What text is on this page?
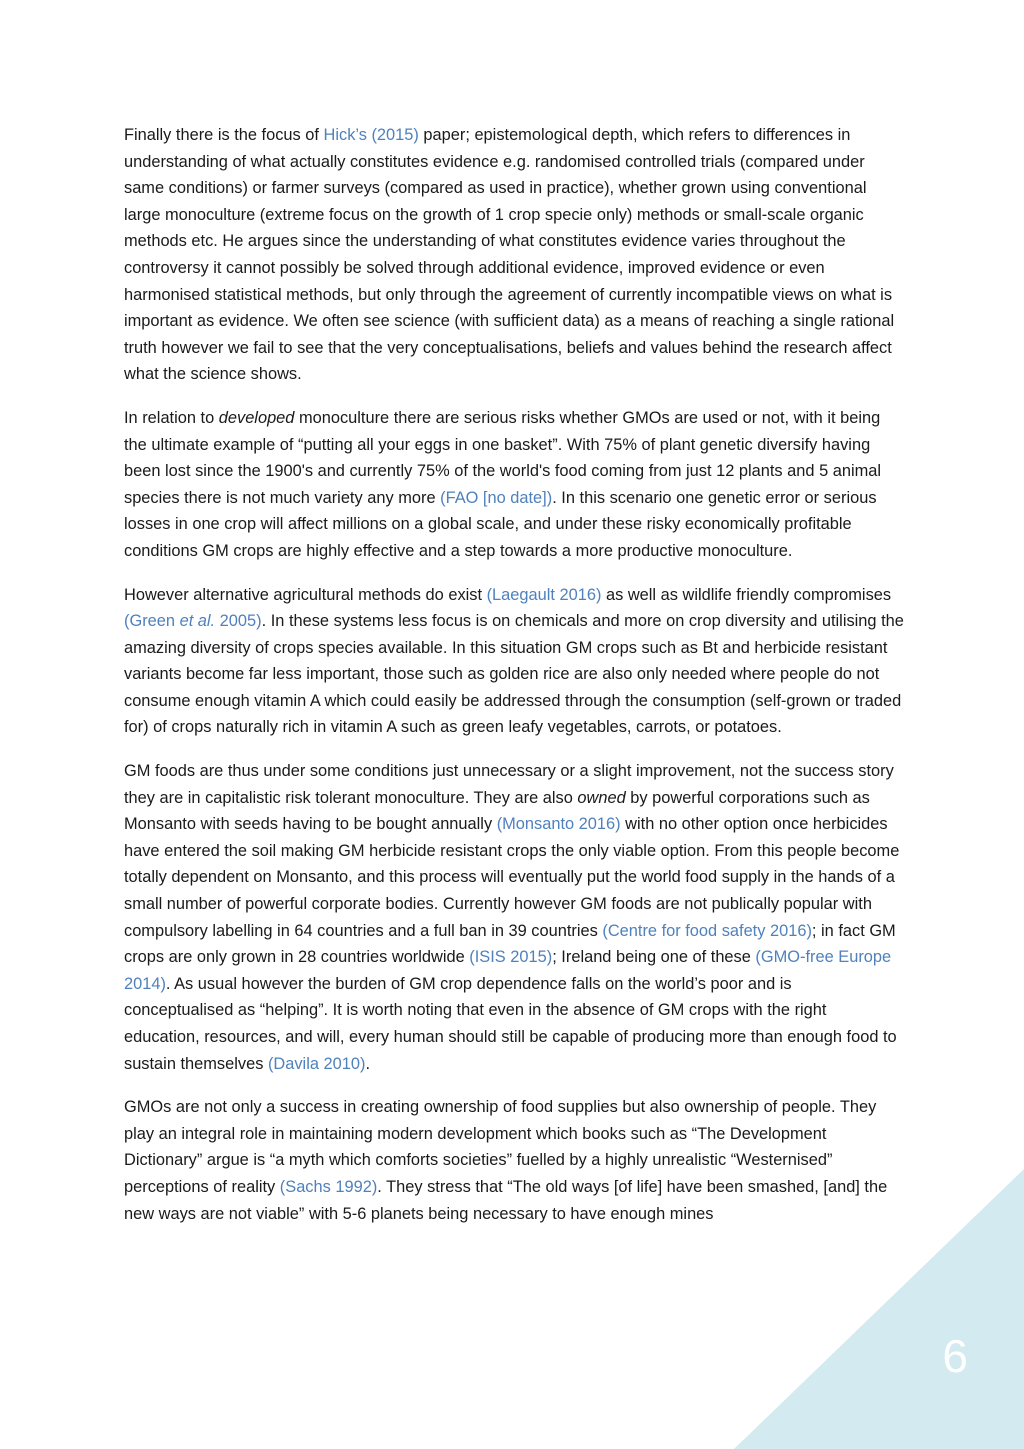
6

Finally there is the focus of Hick’s (2015) paper; epistemological depth, which refers to differences in understanding of what actually constitutes evidence e.g. randomised controlled trials (compared under same conditions) or farmer surveys (compared as used in practice), whether grown using conventional large monoculture (extreme focus on the growth of 1 crop specie only) methods or small-scale organic methods etc. He argues since the understanding of what constitutes evidence varies throughout the controversy it cannot possibly be solved through additional evidence, improved evidence or even harmonised statistical methods, but only through the agreement of currently incompatible views on what is important as evidence. We often see science (with sufficient data) as a means of reaching a single rational truth however we fail to see that the very conceptualisations, beliefs and values behind the research affect what the science shows.

In relation to developed monoculture there are serious risks whether GMOs are used or not, with it being the ultimate example of “putting all your eggs in one basket”. With 75% of plant genetic diversify having been lost since the 1900's and currently 75% of the world's food coming from just 12 plants and 5 animal species there is not much variety any more (FAO [no date]). In this scenario one genetic error or serious losses in one crop will affect millions on a global scale, and under these risky economically profitable conditions GM crops are highly effective and a step towards a more productive monoculture.

However alternative agricultural methods do exist (Laegault 2016) as well as wildlife friendly compromises (Green et al. 2005). In these systems less focus is on chemicals and more on crop diversity and utilising the amazing diversity of crops species available. In this situation GM crops such as Bt and herbicide resistant variants become far less important, those such as golden rice are also only needed where people do not consume enough vitamin A which could easily be addressed through the consumption (self-grown or traded for) of crops naturally rich in vitamin A such as green leafy vegetables, carrots, or potatoes.

GM foods are thus under some conditions just unnecessary or a slight improvement, not the success story they are in capitalistic risk tolerant monoculture. They are also owned by powerful corporations such as Monsanto with seeds having to be bought annually (Monsanto 2016) with no other option once herbicides have entered the soil making GM herbicide resistant crops the only viable option. From this people become totally dependent on Monsanto, and this process will eventually put the world food supply in the hands of a small number of powerful corporate bodies. Currently however GM foods are not publically popular with compulsory labelling in 64 countries and a full ban in 39 countries (Centre for food safety 2016); in fact GM crops are only grown in 28 countries worldwide (ISIS 2015); Ireland being one of these (GMO-free Europe 2014). As usual however the burden of GM crop dependence falls on the world’s poor and is conceptualised as “helping”. It is worth noting that even in the absence of GM crops with the right education, resources, and will, every human should still be capable of producing more than enough food to sustain themselves (Davila 2010).

GMOs are not only a success in creating ownership of food supplies but also ownership of people. They play an integral role in maintaining modern development which books such as “The Development Dictionary” argue is “a myth which comforts societies” fuelled by a highly unrealistic “Westernised” perceptions of reality (Sachs 1992). They stress that “The old ways [of life] have been smashed, [and] the new ways are not viable” with 5-6 planets being necessary to have enough mines
